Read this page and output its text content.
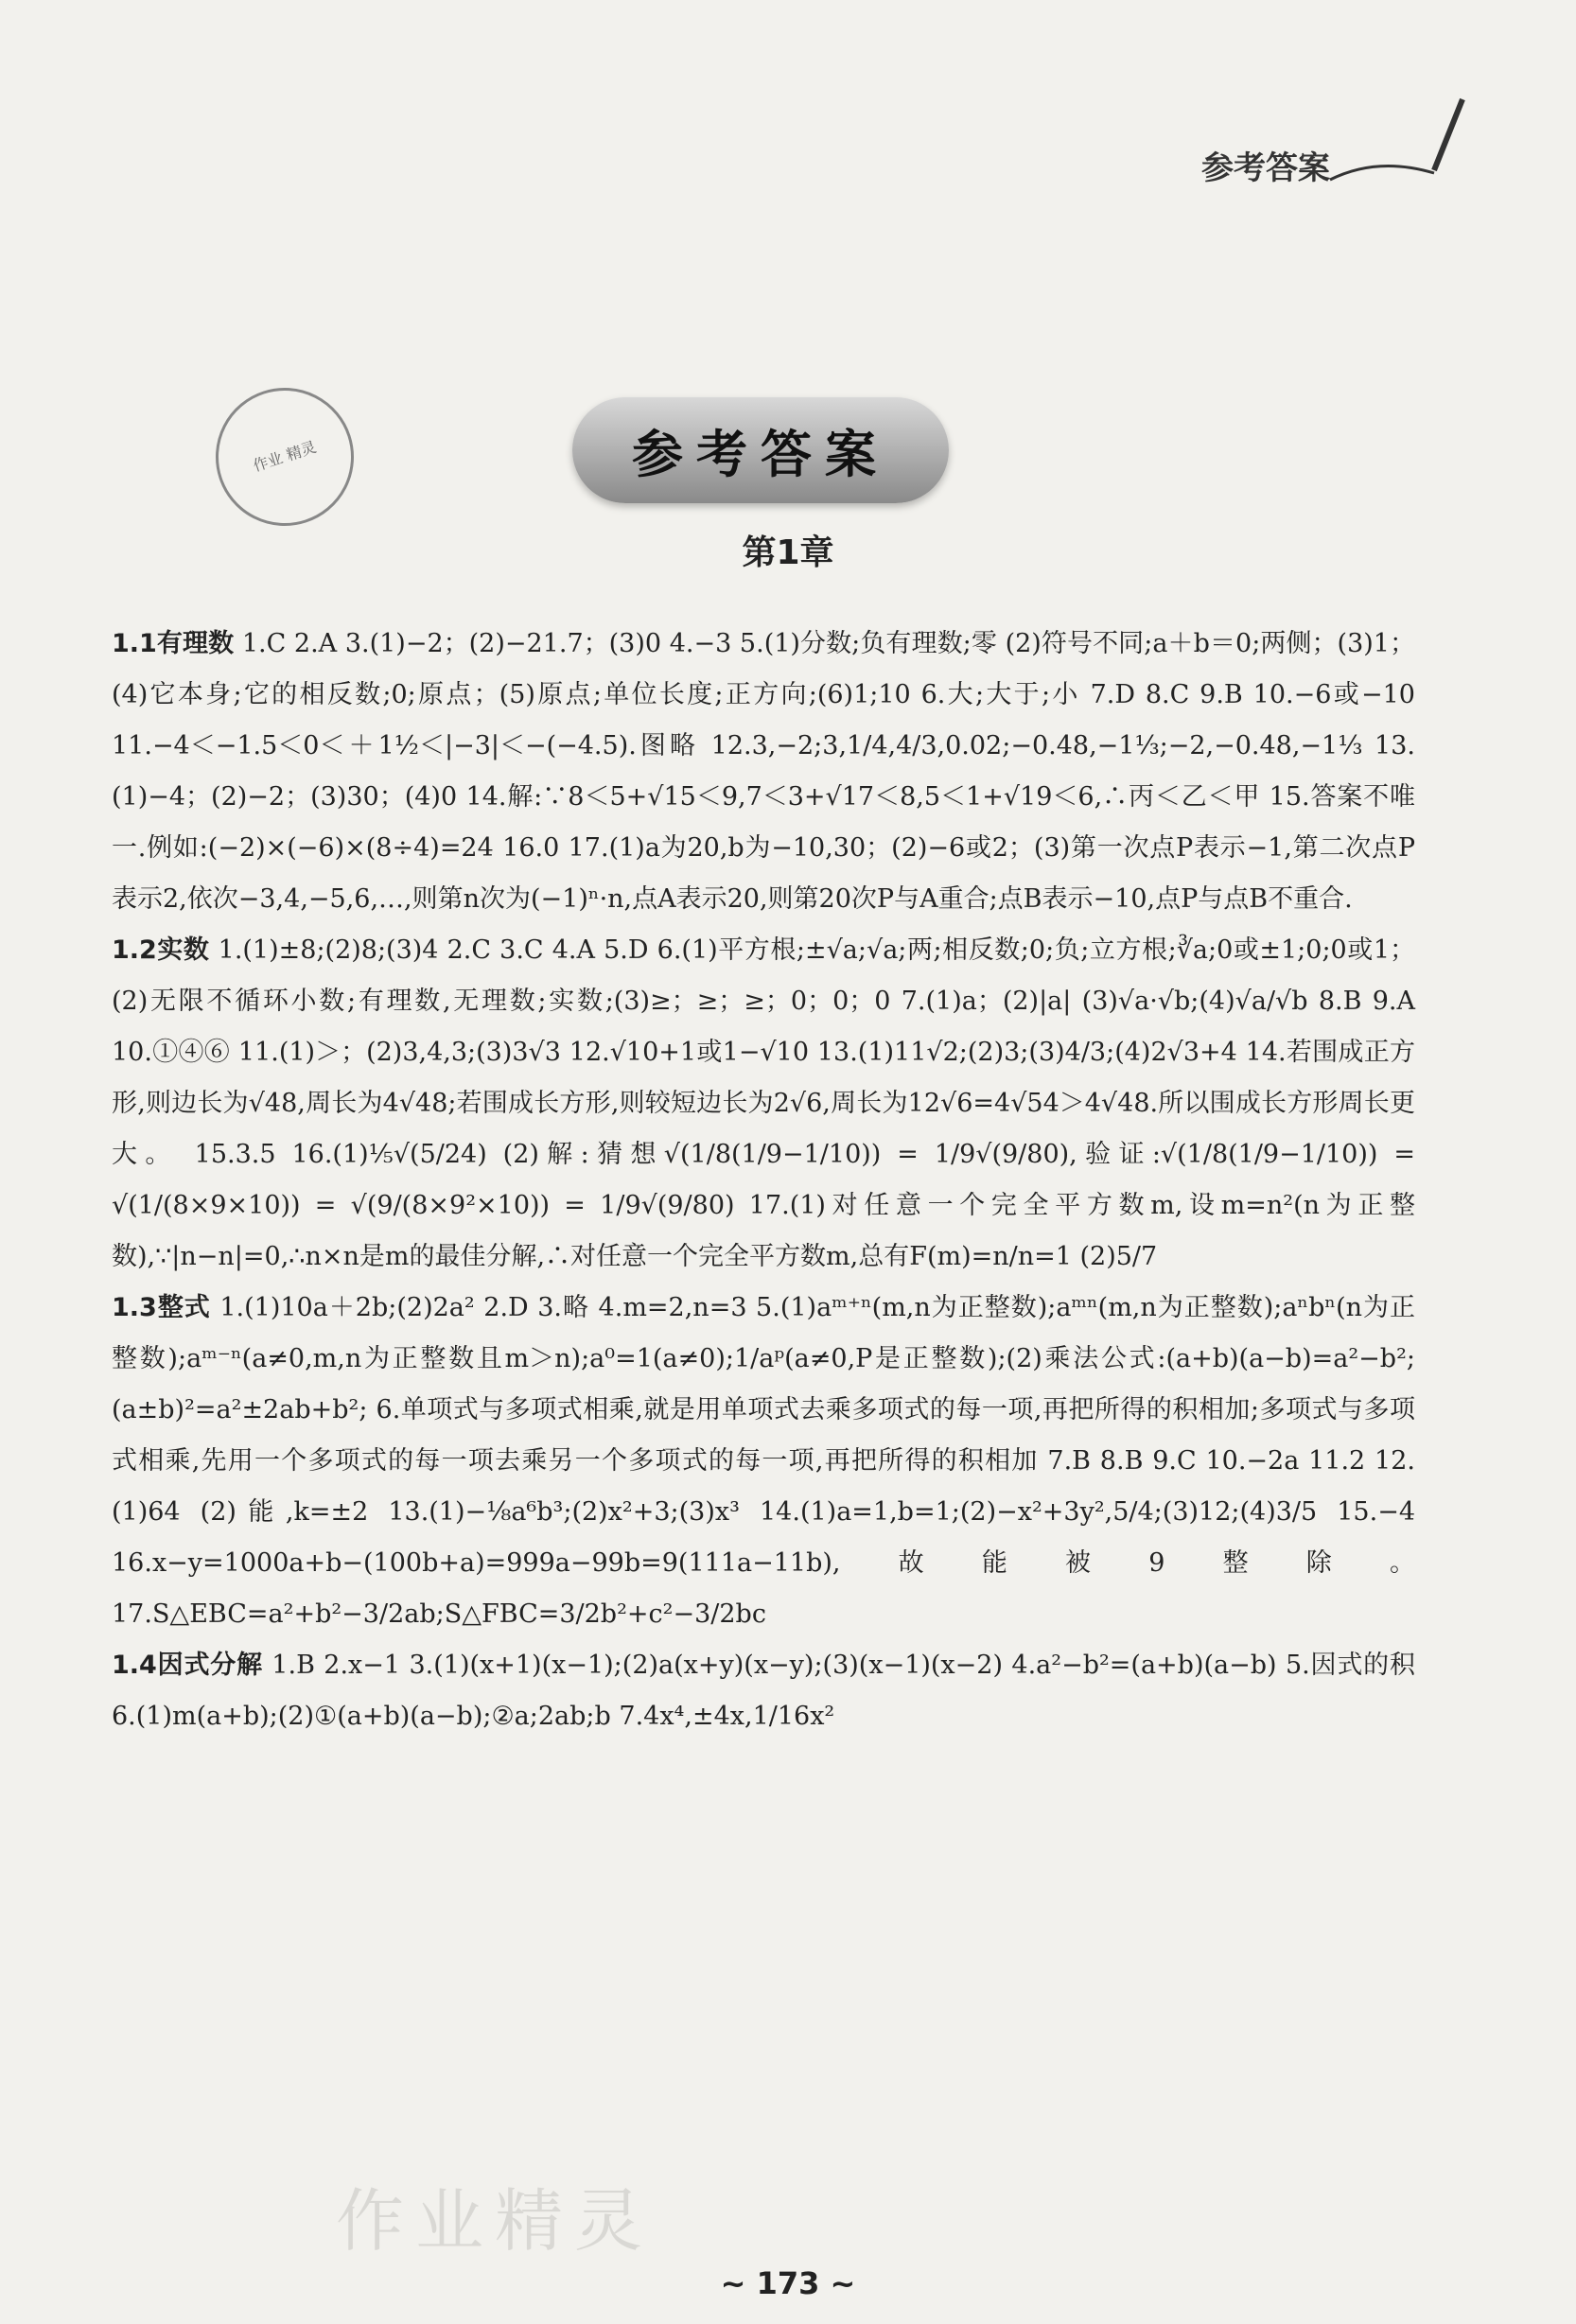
参考答案
作业 精灵	参考答案
第1章

1.1有理数 1.C 2.A 3.(1)−2；(2)−21.7；(3)0 4.−3 5.(1)分数;负有理数;零 (2)符号不同;a＋b＝0;两侧；(3)1；(4)它本身;它的相反数;0;原点；(5)原点;单位长度;正方向;(6)1;10 6.大;大于;小 7.D 8.C 9.B 10.−6或−10 11.−4＜−1.5＜0＜＋1½＜|−3|＜−(−4.5).图略 12.3,−2;3,1/4,4/3,0.02;−0.48,−1⅓;−2,−0.48,−1⅓ 13.(1)−4；(2)−2；(3)30；(4)0 14.解:∵8＜5+√15＜9,7＜3+√17＜8,5＜1+√19＜6,∴丙＜乙＜甲 15.答案不唯一.例如:(−2)×(−6)×(8÷4)=24 16.0 17.(1)a为20,b为−10,30；(2)−6或2；(3)第一次点P表示−1,第二次点P表示2,依次−3,4,−5,6,…,则第n次为(−1)ⁿ·n,点A表示20,则第20次P与A重合;点B表示−10,点P与点B不重合.

1.2实数 1.(1)±8;(2)8;(3)4 2.C 3.C 4.A 5.D 6.(1)平方根;±√a;√a;两;相反数;0;负;立方根;∛a;0或±1;0;0或1；(2)无限不循环小数;有理数,无理数;实数;(3)≥；≥；≥；0；0；0 7.(1)a；(2)|a| (3)√a·√b;(4)√a/√b 8.B 9.A 10.①④⑥ 11.(1)＞；(2)3,4,3;(3)3√3 12.√10+1或1−√10 13.(1)11√2;(2)3;(3)4/3;(4)2√3+4 14.若围成正方形,则边长为√48,周长为4√48;若围成长方形,则较短边长为2√6,周长为12√6=4√54＞4√48.所以围成长方形周长更大。 15.3.5 16.(1)⅕√(5/24) (2)解:猜想√(1/8(1/9−1/10)) = 1/9√(9/80),验证:√(1/8(1/9−1/10)) = √(1/(8×9×10)) = √(9/(8×9²×10)) = 1/9√(9/80) 17.(1)对任意一个完全平方数m,设m=n²(n为正整数),∵|n−n|=0,∴n×n是m的最佳分解,∴对任意一个完全平方数m,总有F(m)=n/n=1 (2)5/7

1.3整式 1.(1)10a＋2b;(2)2a² 2.D 3.略 4.m=2,n=3 5.(1)aᵐ⁺ⁿ(m,n为正整数);aᵐⁿ(m,n为正整数);aⁿbⁿ(n为正整数);aᵐ⁻ⁿ(a≠0,m,n为正整数且m＞n);a⁰=1(a≠0);1/aᵖ(a≠0,P是正整数);(2)乘法公式:(a+b)(a−b)=a²−b²;(a±b)²=a²±2ab+b²; 6.单项式与多项式相乘,就是用单项式去乘多项式的每一项,再把所得的积相加;多项式与多项式相乘,先用一个多项式的每一项去乘另一个多项式的每一项,再把所得的积相加 7.B 8.B 9.C 10.−2a 11.2 12.(1)64 (2)能,k=±2 13.(1)−⅛a⁶b³;(2)x²+3;(3)x³ 14.(1)a=1,b=1;(2)−x²+3y²,5/4;(3)12;(4)3/5 15.−4 16.x−y=1000a+b−(100b+a)=999a−99b=9(111a−11b),故能被9整除。 17.S△EBC=a²+b²−3/2ab;S△FBC=3/2b²+c²−3/2bc

1.4因式分解 1.B 2.x−1 3.(1)(x+1)(x−1);(2)a(x+y)(x−y);(3)(x−1)(x−2) 4.a²−b²=(a+b)(a−b) 5.因式的积 6.(1)m(a+b);(2)①(a+b)(a−b);②a;2ab;b 7.4x⁴,±4x,1/16x²

作业精灵
~ 173 ~
